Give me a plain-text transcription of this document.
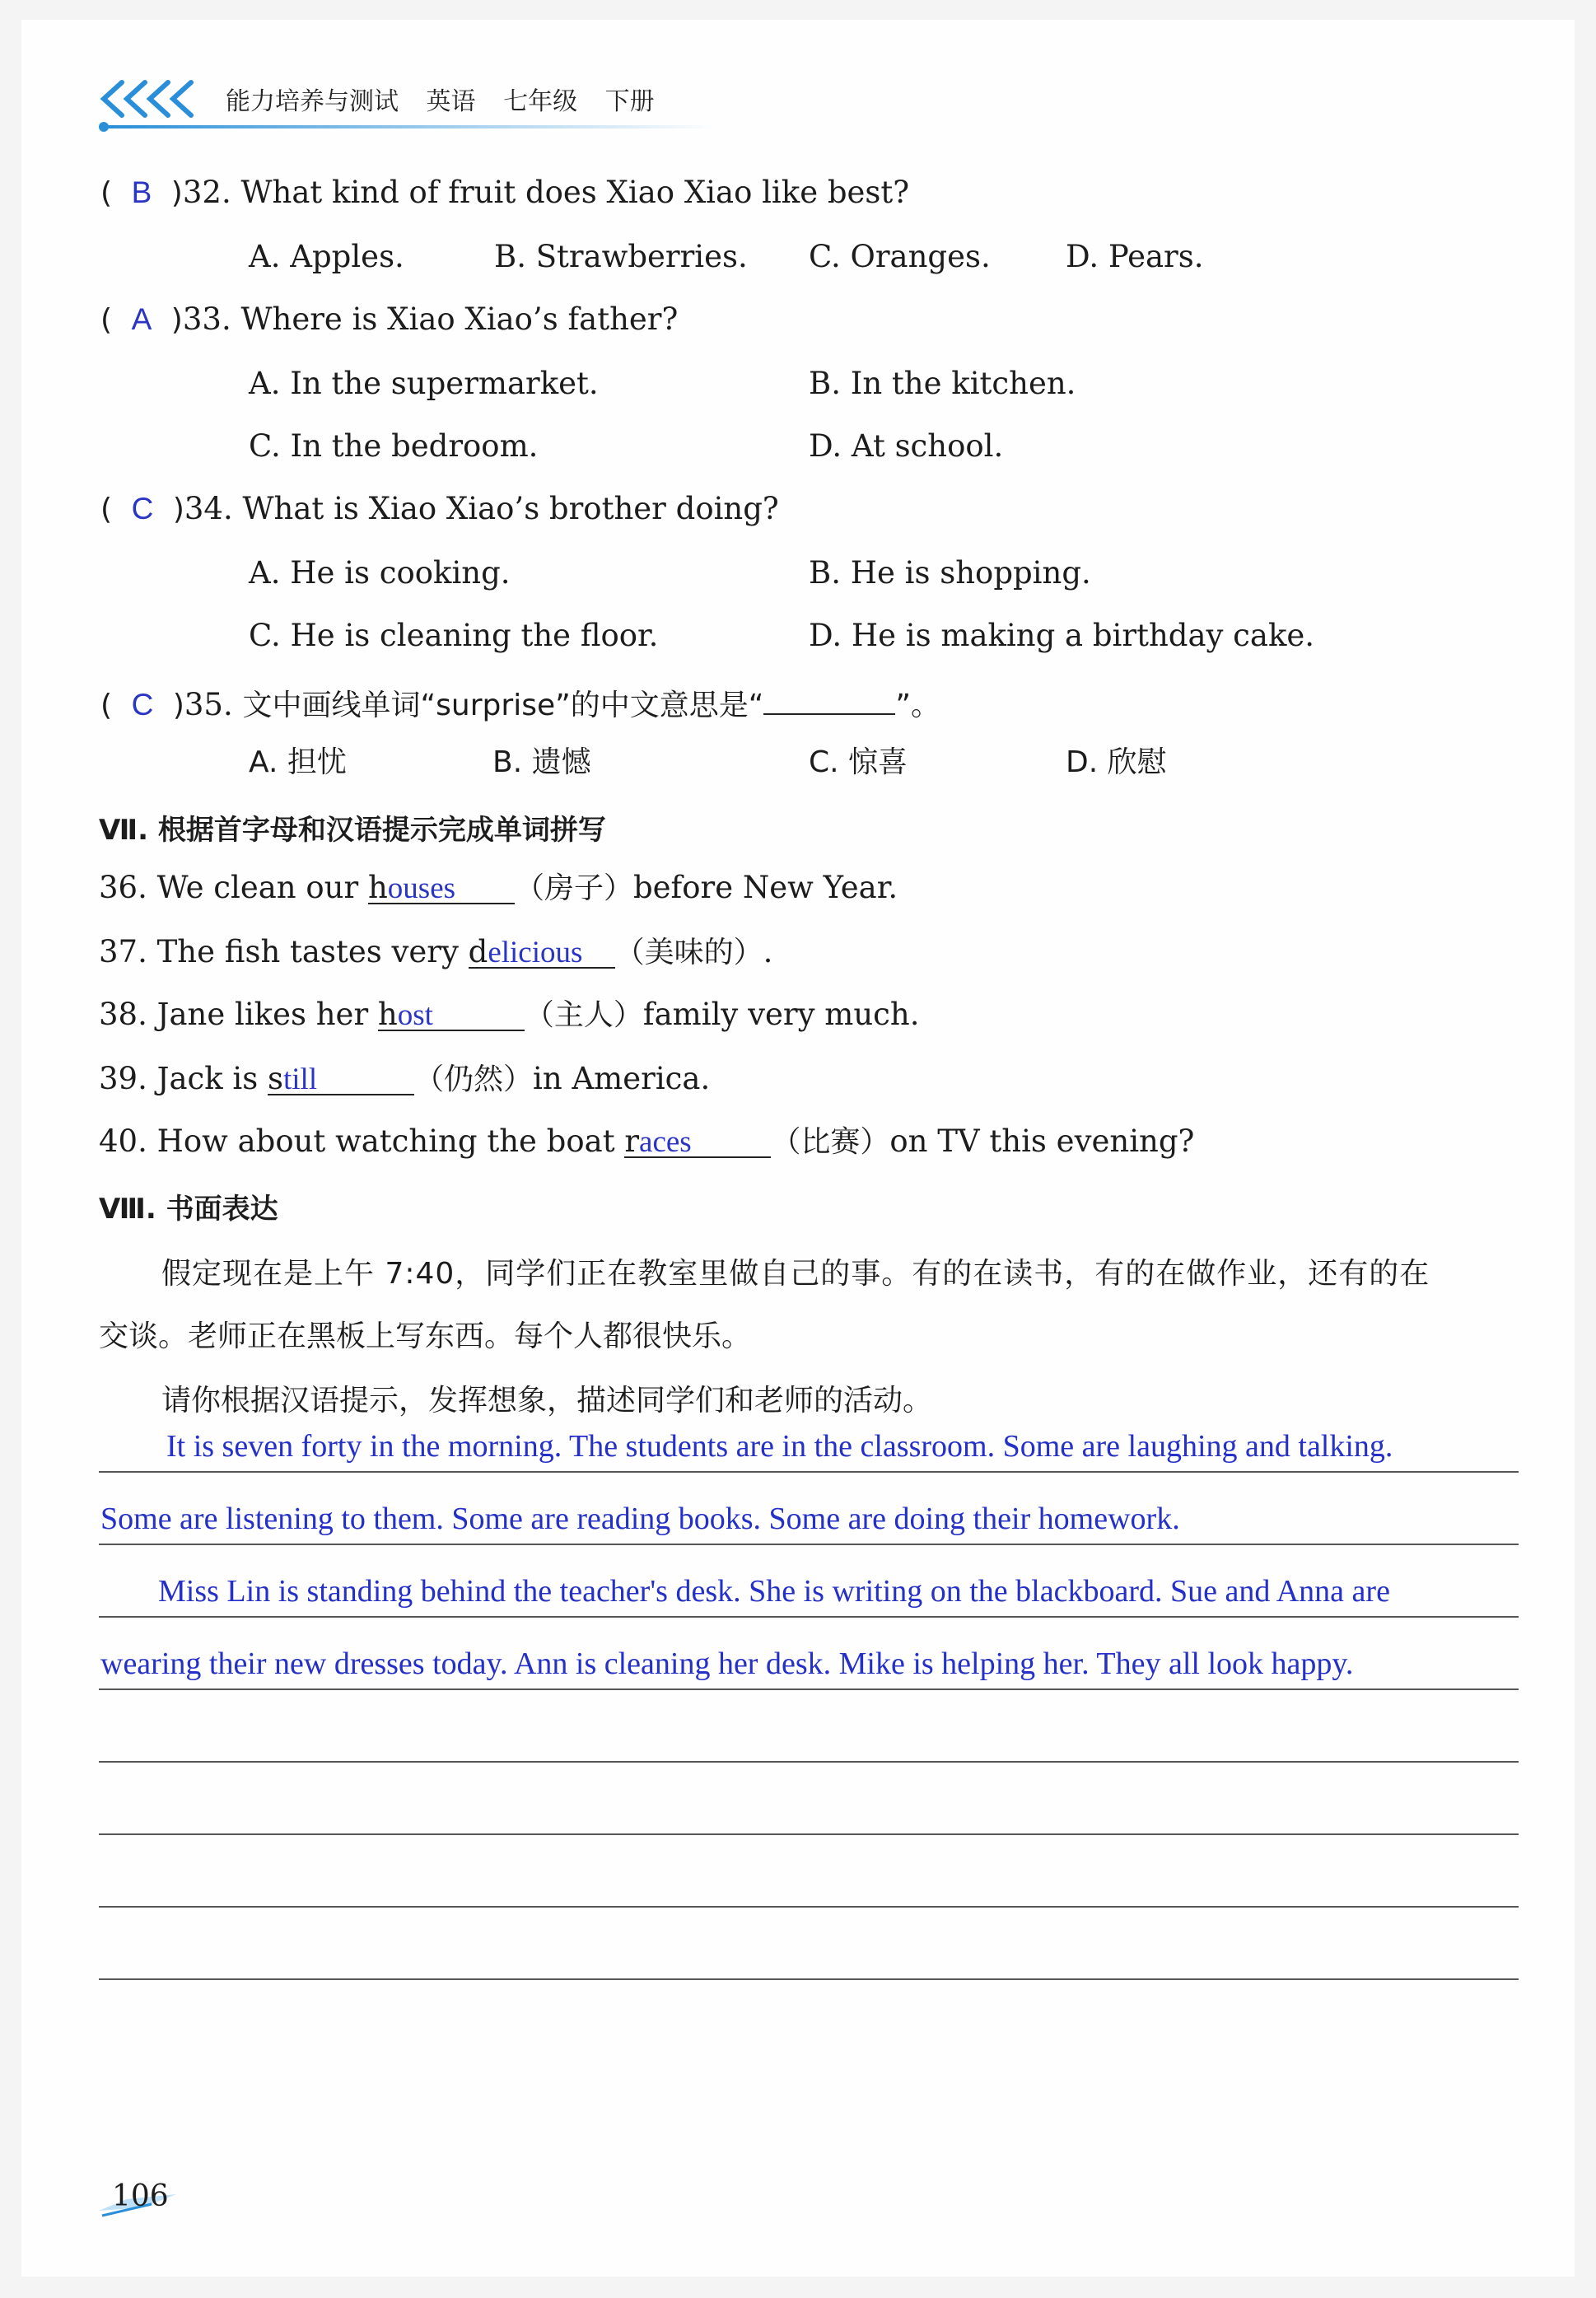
能力培养与测试 英语 七年级 下册
( B )32. What kind of fruit does Xiao Xiao like best?
A. Apples.	B. Strawberries. C. Oranges. D. Pears.
( A )33. Where is Xiao Xiao’s father?
A. In the supermarket.	B. In the kitchen.
C. In the bedroom.	D. At school.
( C )34. What is Xiao Xiao’s brother doing?
A. He is cooking.	B. He is shopping.
C. He is cleaning the floor.	D. He is making a birthday cake.
( C )35. 文中画线单词“surprise”的中文意思是“	”。
A. 担忧	B. 遗憾	C. 惊喜	D. 欣慰
Ⅶ. 根据首字母和汉语提示完成单词拼写
36. We clean our houses （房子）before New Year.
37. The fish tastes very delicious （美味的）.
38. Jane likes her host	（主人）family very much.
39. Jack is still	（仍然）in America.
40. How about watching the boat races	（比赛）on TV this evening?
Ⅷ. 书面表达
假定现在是上午 7:40，同学们正在教室里做自己的事。有的在读书，有的在做作业，还有的在
交谈。老师正在黑板上写东西。每个人都很快乐。
请你根据汉语提示，发挥想象，描述同学们和老师的活动。
It is seven forty in the morning. The students are in the classroom. Some are laughing and talking.
Some are listening to them. Some are reading books. Some are doing their homework.
Miss Lin is standing behind the teacher's desk. She is writing on the blackboard. Sue and Anna are
wearing their new dresses today. Ann is cleaning her desk. Mike is helping her. They all look happy.
106
